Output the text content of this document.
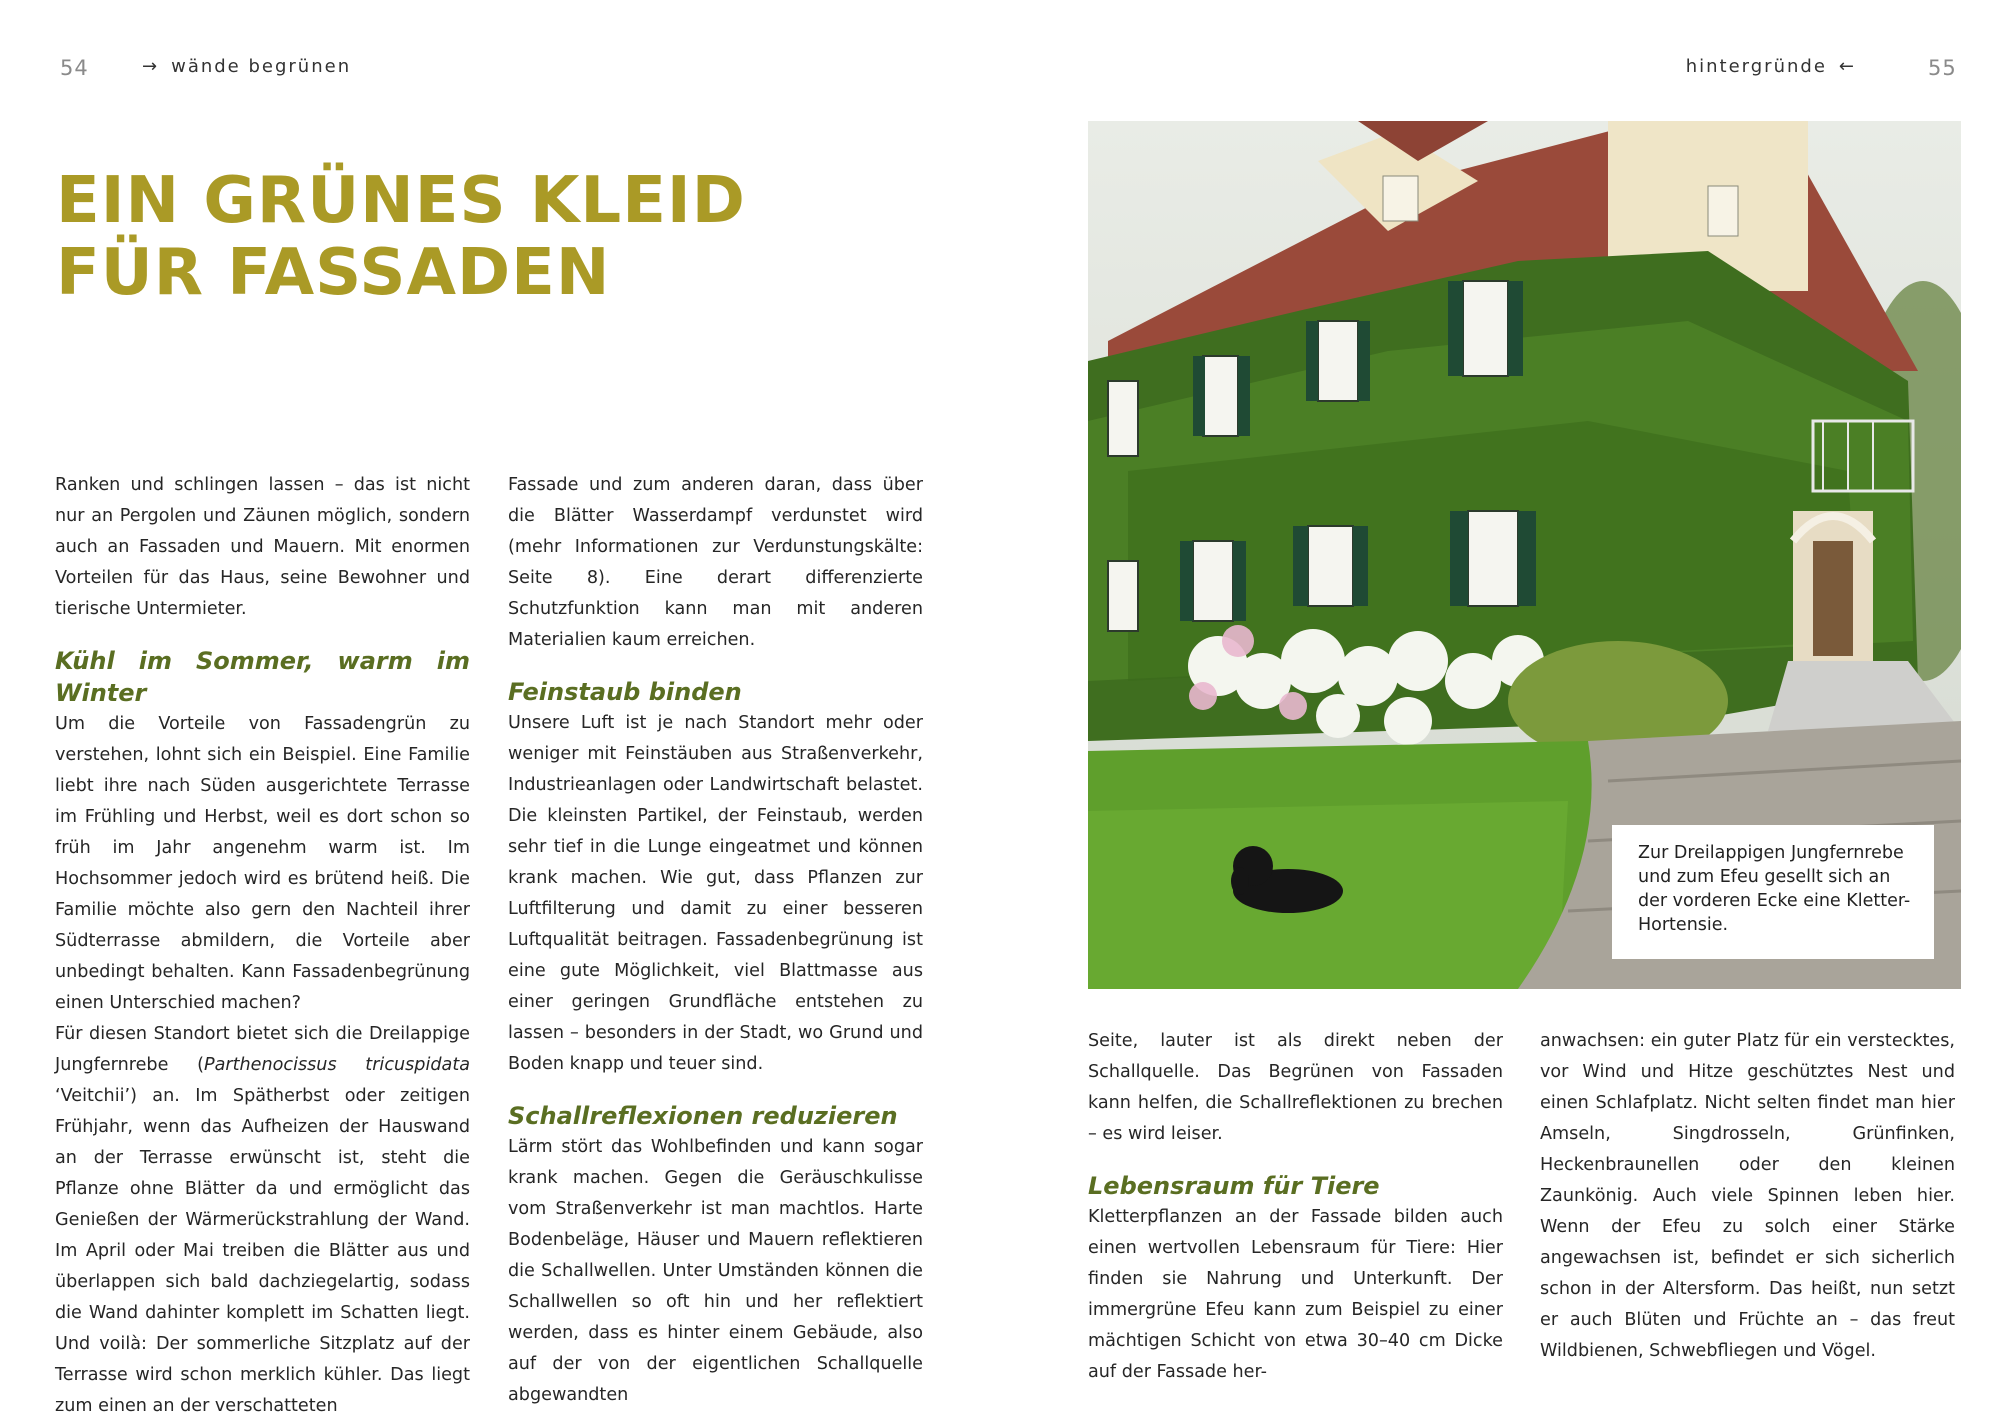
54	→ wände begrünen	hintergründe ←	55
EIN GRÜNES KLEID FÜR FASSADEN

Ranken und schlingen lassen – das ist nicht nur an Pergolen und Zäunen möglich, sondern auch an Fassaden und Mauern. Mit enormen Vorteilen für das Haus, seine Bewohner und tierische Untermieter.

Kühl im Sommer, warm im Winter

Um die Vorteile von Fassadengrün zu verstehen, lohnt sich ein Beispiel. Eine Familie liebt ihre nach Süden ausgerichtete Terrasse im Frühling und Herbst, weil es dort schon so früh im Jahr angenehm warm ist. Im Hochsommer jedoch wird es brütend heiß. Die Familie möchte also gern den Nachteil ihrer Südterrasse abmildern, die Vorteile aber unbedingt behalten. Kann Fassadenbegrünung einen Unterschied machen?

Für diesen Standort bietet sich die Dreilappige Jungfernrebe (Parthenocissus tricuspidata ‘Veitchii’) an. Im Spätherbst oder zeitigen Frühjahr, wenn das Aufheizen der Hauswand an der Terrasse erwünscht ist, steht die Pflanze ohne Blätter da und ermöglicht das Genießen der Wärmerückstrahlung der Wand. Im April oder Mai treiben die Blätter aus und überlappen sich bald dachziegelartig, sodass die Wand dahinter komplett im Schatten liegt. Und voilà: Der sommerliche Sitzplatz auf der Terrasse wird schon merklich kühler. Das liegt zum einen an der verschatteten

Fassade und zum anderen daran, dass über die Blätter Wasserdampf verdunstet wird (mehr Informationen zur Verdunstungskälte: Seite 8). Eine derart differenzierte Schutzfunktion kann man mit anderen Materialien kaum erreichen.

Feinstaub binden

Unsere Luft ist je nach Standort mehr oder weniger mit Feinstäuben aus Straßenverkehr, Industrieanlagen oder Landwirtschaft belastet. Die kleinsten Partikel, der Feinstaub, werden sehr tief in die Lunge eingeatmet und können krank machen. Wie gut, dass Pflanzen zur Luftfilterung und damit zu einer besseren Luftqualität beitragen. Fassadenbegrünung ist eine gute Möglichkeit, viel Blattmasse aus einer geringen Grundfläche entstehen zu lassen – besonders in der Stadt, wo Grund und Boden knapp und teuer sind.

Schallreflexionen reduzieren

Lärm stört das Wohlbefinden und kann sogar krank machen. Gegen die Geräuschkulisse vom Straßenverkehr ist man machtlos. Harte Bodenbeläge, Häuser und Mauern reflektieren die Schallwellen. Unter Umständen können die Schallwellen so oft hin und her reflektiert werden, dass es hinter einem Gebäude, also auf der von der eigentlichen Schallquelle abgewandten

Zur Dreilappigen Jungfernrebe und zum Efeu gesellt sich an der vorderen Ecke eine Kletter-Hortensie.

Seite, lauter ist als direkt neben der Schallquelle. Das Begrünen von Fassaden kann helfen, die Schallreflektionen zu brechen – es wird leiser.

Lebensraum für Tiere

Kletterpflanzen an der Fassade bilden auch einen wertvollen Lebensraum für Tiere: Hier finden sie Nahrung und Unterkunft. Der immergrüne Efeu kann zum Beispiel zu einer mächtigen Schicht von etwa 30–40 cm Dicke auf der Fassade her-

anwachsen: ein guter Platz für ein verstecktes, vor Wind und Hitze geschütztes Nest und einen Schlafplatz. Nicht selten findet man hier Amseln, Singdrosseln, Grünfinken, Heckenbraunellen oder den kleinen Zaunkönig. Auch viele Spinnen leben hier. Wenn der Efeu zu solch einer Stärke angewachsen ist, befindet er sich sicherlich schon in der Altersform. Das heißt, nun setzt er auch Blüten und Früchte an – das freut Wildbienen, Schwebfliegen und Vögel.
